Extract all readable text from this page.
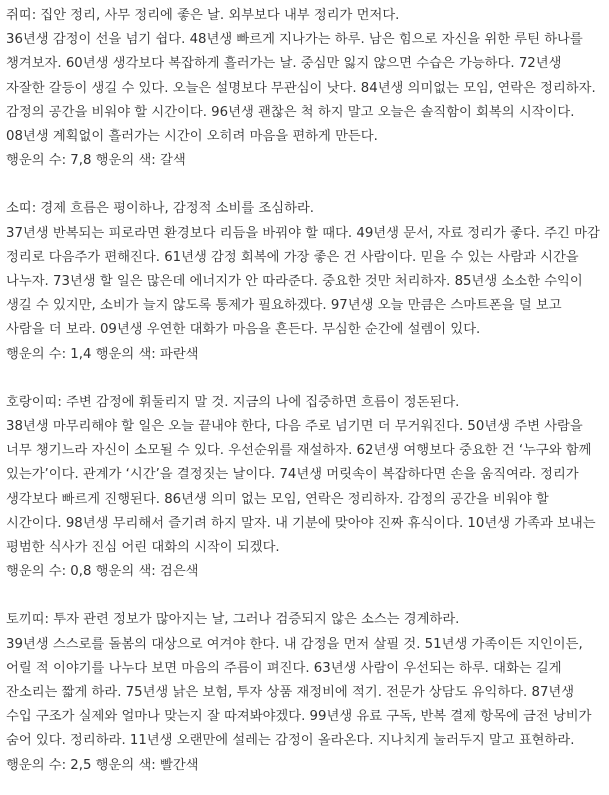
쥐띠: 집안 정리, 사무 정리에 좋은 날. 외부보다 내부 정리가 먼저다.

36년생 감정이 선을 넘기 쉽다. 48년생 빠르게 지나가는 하루. 남은 힘으로 자신을 위한 루틴 하나를 챙겨보자. 60년생 생각보다 복잡하게 흘러가는 날. 중심만 잃지 않으면 수습은 가능하다. 72년생 자잘한 갈등이 생길 수 있다. 오늘은 설명보다 무관심이 낫다. 84년생 의미없는 모임, 연락은 정리하자. 감정의 공간을 비워야 할 시간이다. 96년생 괜찮은 척 하지 말고 오늘은 솔직함이 회복의 시작이다. 08년생 계획없이 흘러가는 시간이 오히려 마음을 편하게 만든다.

행운의 수: 7,8 행운의 색: 갈색

소띠: 경제 흐름은 평이하나, 감정적 소비를 조심하라.

37년생 반복되는 피로라면 환경보다 리듬을 바꿔야 할 때다. 49년생 문서, 자료 정리가 좋다. 주긴 마감 정리로 다음주가 편해진다. 61년생 감정 회복에 가장 좋은 건 사람이다. 믿을 수 있는 사람과 시간을 나누자. 73년생 할 일은 많은데 에너지가 안 따라준다. 중요한 것만 처리하자. 85년생 소소한 수익이 생길 수 있지만, 소비가 늘지 않도록 통제가 필요하겠다. 97년생 오늘 만큼은 스마트폰을 덜 보고 사람을 더 보라. 09년생 우연한 대화가 마음을 흔든다. 무심한 순간에 설렘이 있다.

행운의 수: 1,4 행운의 색: 파란색

호랑이띠: 주변 감정에 휘둘리지 말 것. 지금의 나에 집중하면 흐름이 정돈된다.

38년생 마무리해야 할 일은 오늘 끝내야 한다, 다음 주로 넘기면 더 무거워진다. 50년생 주변 사람을 너무 챙기느라 자신이 소모될 수 있다. 우선순위를 재설하자. 62년생 여행보다 중요한 건 ‘누구와 함께 있는가’이다. 관계가 ‘시간’을 결정짓는 날이다. 74년생 머릿속이 복잡하다면 손을 움직여라. 정리가 생각보다 빠르게 진행된다. 86년생 의미 없는 모임, 연락은 정리하자. 감정의 공간을 비워야 할 시간이다. 98년생 무리해서 즐기려 하지 말자. 내 기분에 맞아야 진짜 휴식이다. 10년생 가족과 보내는 평범한 식사가 진심 어린 대화의 시작이 되겠다.

행운의 수: 0,8 행운의 색: 검은색

토끼띠: 투자 관련 정보가 많아지는 날, 그러나 검증되지 않은 소스는 경계하라.

39년생 스스로를 돌봄의 대상으로 여겨야 한다. 내 감정을 먼저 살필 것. 51년생 가족이든 지인이든, 어릴 적 이야기를 나누다 보면 마음의 주름이 펴진다. 63년생 사람이 우선되는 하루. 대화는 길게 잔소리는 짧게 하라. 75년생 낡은 보험, 투자 상품 재정비에 적기. 전문가 상담도 유익하다. 87년생 수입 구조가 실제와 얼마나 맞는지 잘 따져봐야겠다. 99년생 유료 구독, 반복 결제 항목에 금전 낭비가 숨어 있다. 정리하라. 11년생 오랜만에 설레는 감정이 올라온다. 지나치게 눌러두지 말고 표현하라.

행운의 수: 2,5 행운의 색: 빨간색
